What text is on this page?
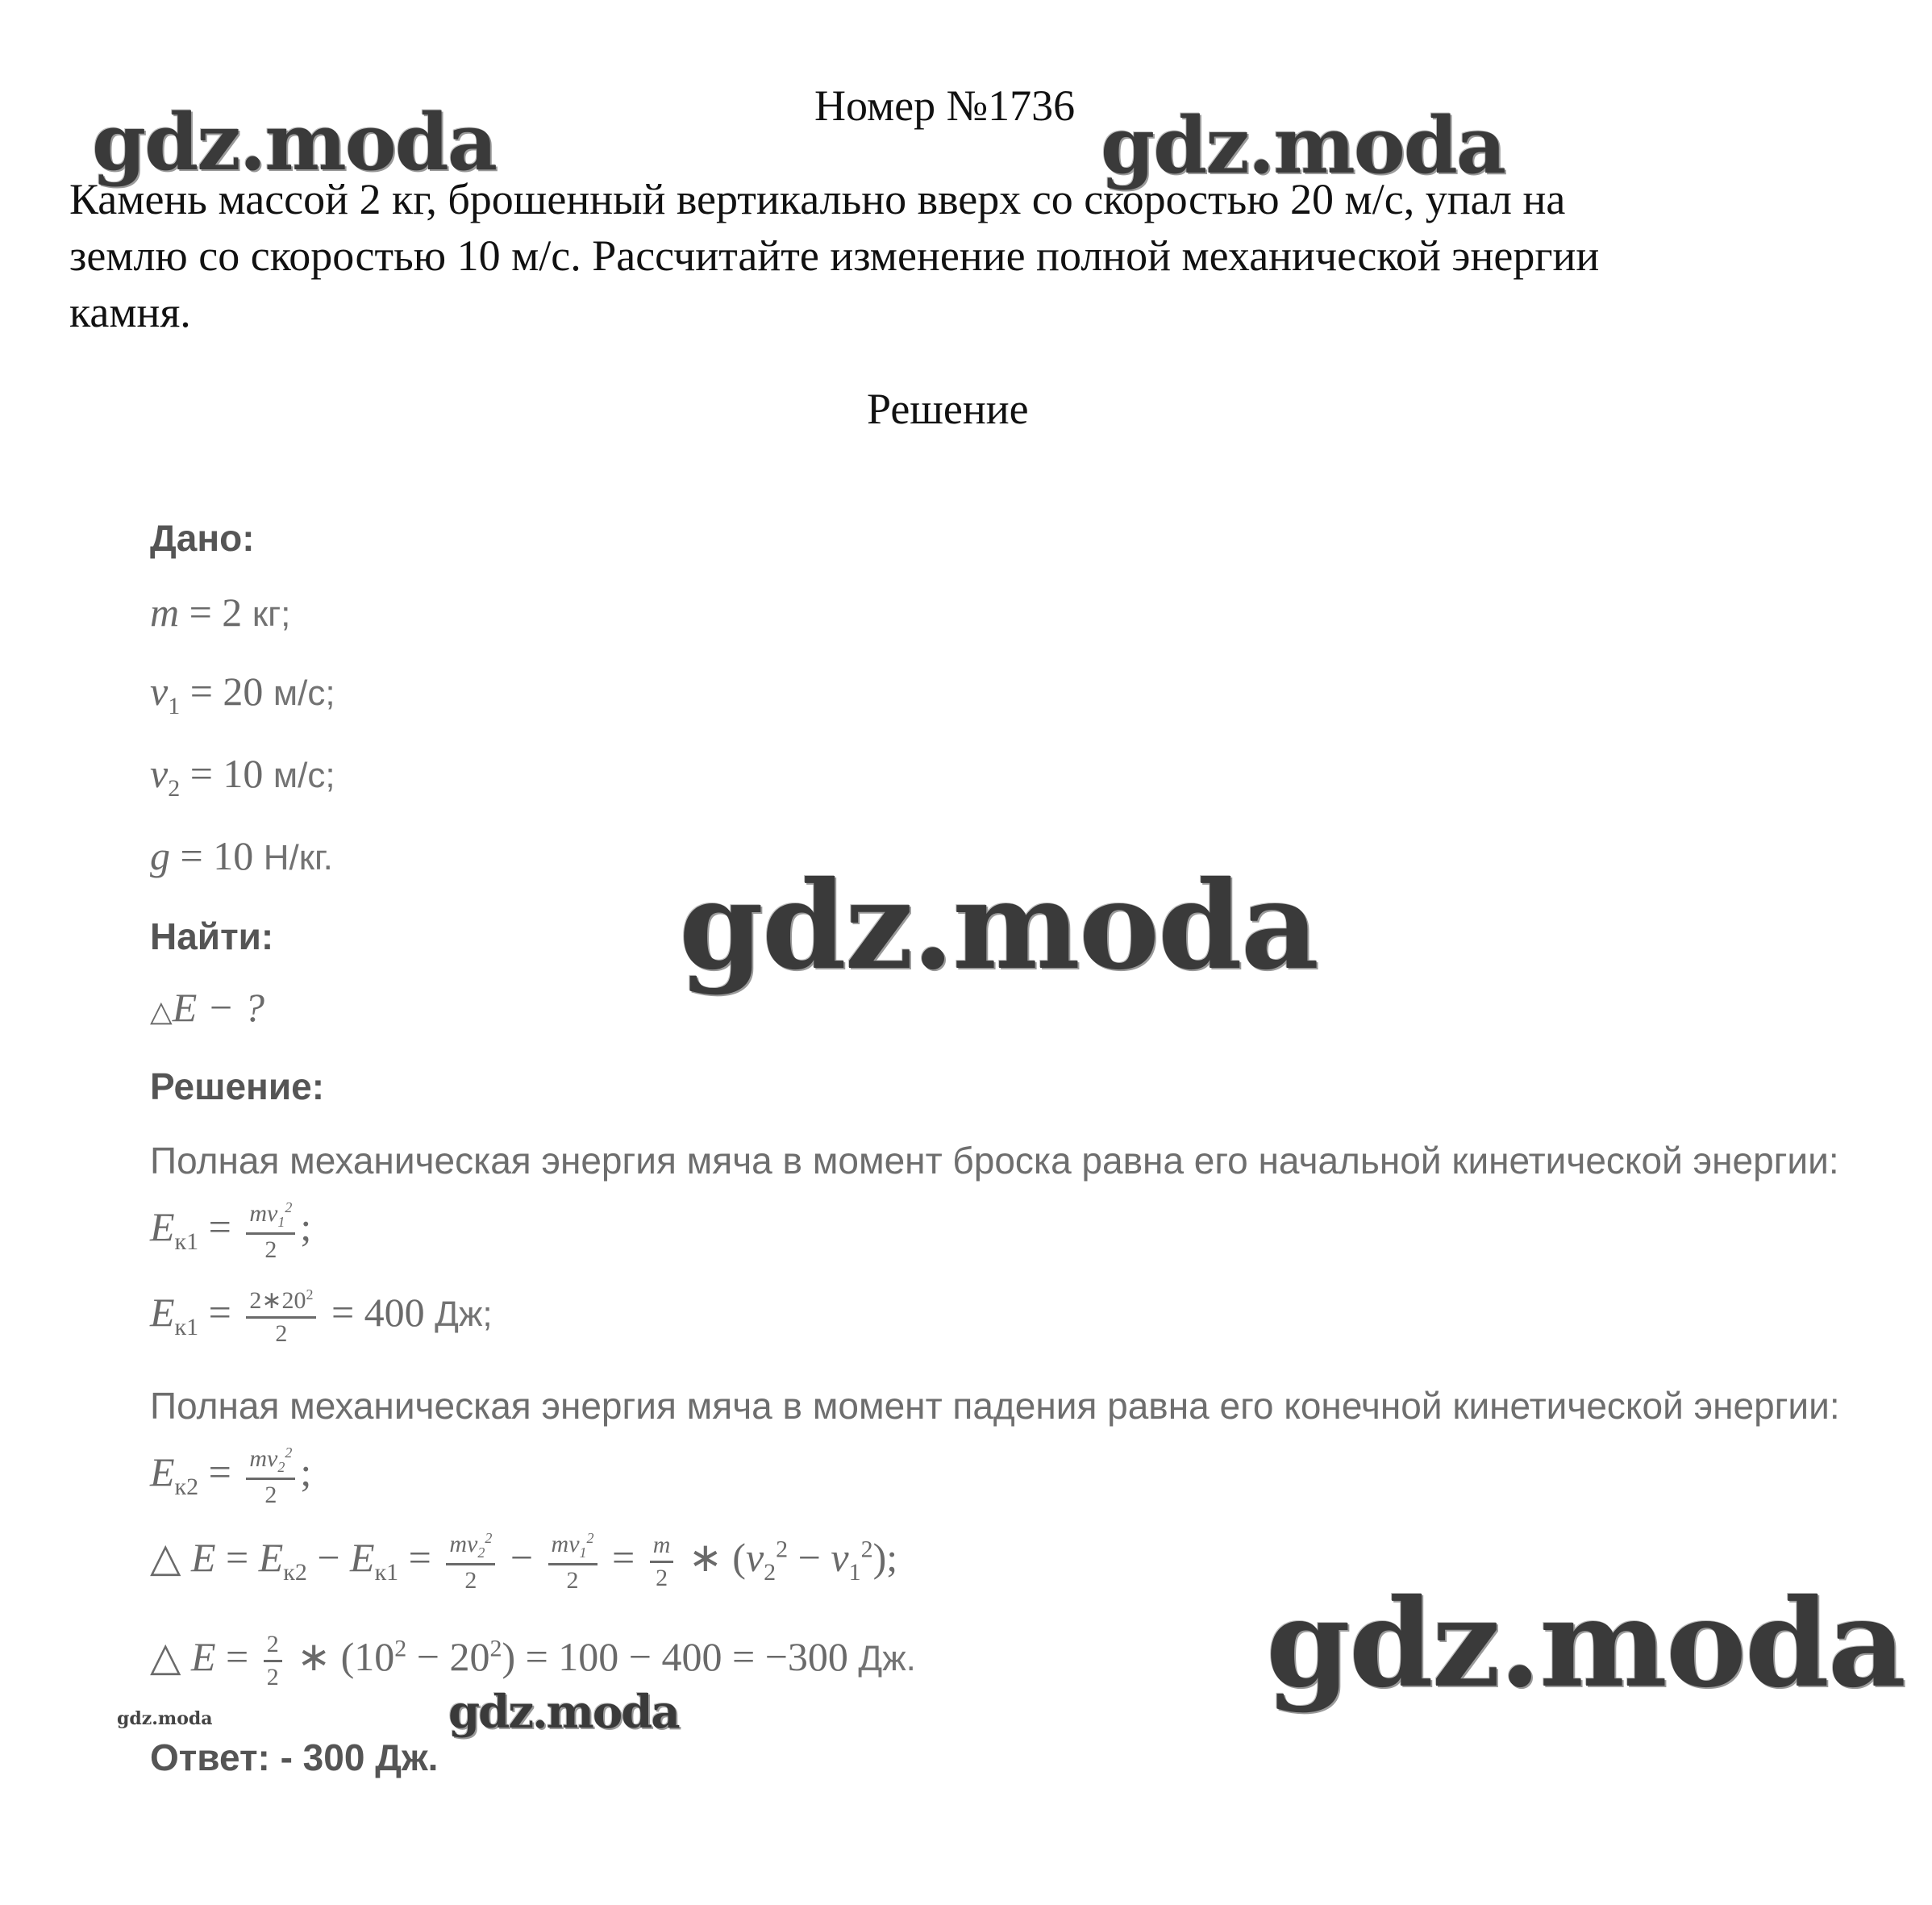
Номер №1736

Камень массой 2 кг, брошенный вертикально вверх со скоростью 20 м/с, упал на

землю со скоростью 10 м/с. Рассчитайте изменение полной механической энергии

камня.

Решение
Дано:
m = 2 кг;
$v_1 = 20$ м/с;
$v_2 = 10$ м/с;
g = 10 Н/кг.
Найти:
△E − ?
Решение:
Полная механическая энергия мяча в момент броска равна его начальной кинетической энергии:
$E_{к1} = \frac{mv_1^2}{2}$ ;
$E_{к1} = \frac{2∗20^2}{2} = 400$ Дж;
Полная механическая энергия мяча в момент падения равна его конечной кинетической энергии:
$E_{к2} = \frac{mv_2^2}{2}$ ;
△ $E = E_{к2} - E_{к1} = \frac{mv_2^2}{2} - \frac{mv_1^2}{2} = \frac{m}{2}$ ∗ $(v_2^2 - v_1^2)$;
△ $E = \frac{2}{2}$ ∗ $(10^2 - 20^2) = 100 - 400 = -300$ Дж.
Ответ: - 300 Дж.
gdz.moda	gdz.moda
gdz.moda
gdz.moda
gdz.moda
gdz.moda
